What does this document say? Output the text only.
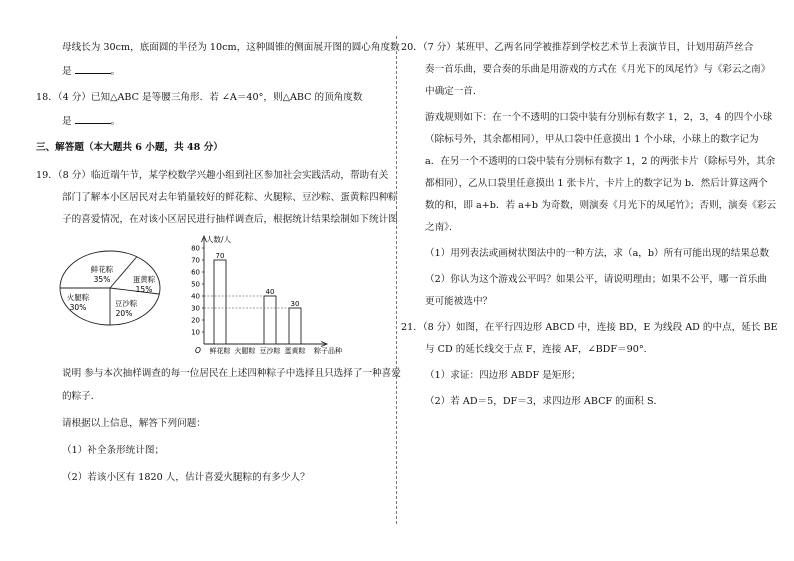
母线长为 30cm，底面圆的半径为 10cm，这种圆锥的侧面展开图的圆心角度数
是	。
18．（4 分）已知△ABC 是等腰三角形．若 ∠A＝40°，则△ABC 的顶角度数
是	。
三、解答题（本大题共 6 小题，共 48 分）
19．（8 分）临近端午节，某学校数学兴趣小组到社区参加社会实践活动，帮助有关
部门了解本小区居民对去年销量较好的鲜花粽、火腿粽、豆沙粽、蛋黄粽四种粽
子的喜爱情况，在对该小区居民进行抽样调查后，根据统计结果绘制如下统计图
鲜花粽
35%	蛋黄粽
15%
豆沙粽
20%
火腿粽
30%
人数/人
O
10
20
30
40
50
60
70
80
粽子品种
70
鲜花粽 火腿粽
40
豆沙粽
30
蛋黄粽
说明 参与本次抽样调查的每一位居民在上述四种粽子中选择且只选择了一种喜爱
的粽子．
请根据以上信息，解答下列问题：
（1）补全条形统计图；
（2）若该小区有 1820 人，估计喜爱火腿粽的有多少人？
20．（7 分）某班甲、乙两名同学被推荐到学校艺术节上表演节目，计划用葫芦丝合
奏一首乐曲，要合奏的乐曲是用游戏的方式在《月光下的凤尾竹》与《彩云之南》
中确定一首．
游戏规则如下：在一个不透明的口袋中装有分别标有数字 1，2，3，4 的四个小球
（除标号外，其余都相同），甲从口袋中任意摸出 1 个小球，小球上的数字记为
a．在另一个不透明的口袋中装有分别标有数字 1，2 的两张卡片（除标号外，其余
都相同），乙从口袋里任意摸出 1 张卡片，卡片上的数字记为 b．然后计算这两个
数的和，即 a+b．若 a+b 为奇数，则演奏《月光下的凤尾竹》；否则，演奏《彩云
之南》．
（1）用列表法或画树状图法中的一种方法，求（a，b）所有可能出现的结果总数
（2）你认为这个游戏公平吗？如果公平，请说明理由；如果不公平，哪一首乐曲
更可能被选中？
21．（8 分）如图，在平行四边形 ABCD 中，连接 BD，E 为线段 AD 的中点，延长 BE
与 CD 的延长线交于点 F，连接 AF，∠BDF＝90°．
（1）求证：四边形 ABDF 是矩形；
（2）若 AD＝5，DF＝3，求四边形 ABCF 的面积 S．
